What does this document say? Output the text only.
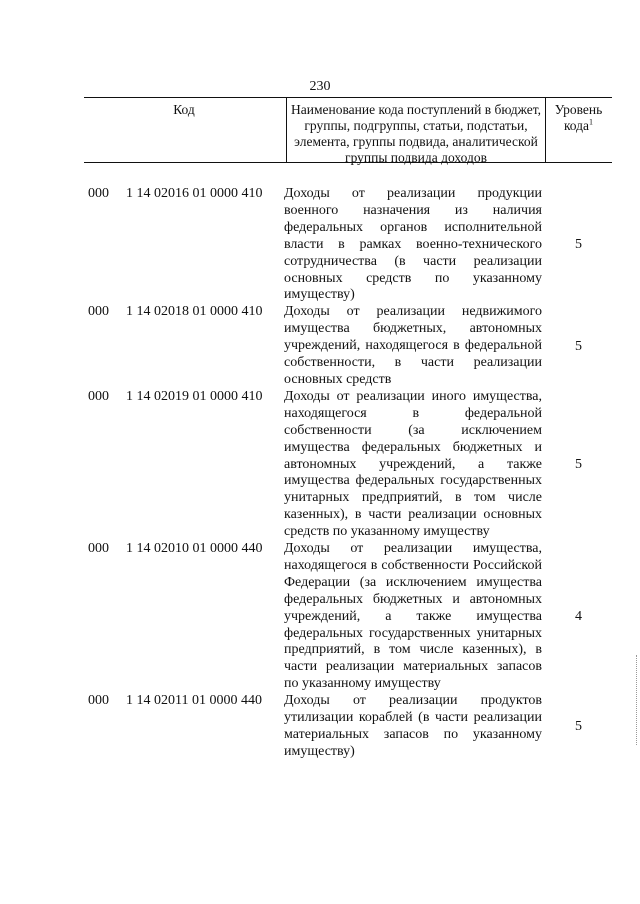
230
Код	Наименование кода поступлений в бюджет, группы, подгруппы, статьи, подстатьи, элемента, группы подвида, аналитической группы подвида доходов
Уровень кода$^1$
000 1 14 02016 01 0000 410 Доходы от реализации продукции военного назначения из наличия федеральных органов исполнительной власти в рамках военно-технического сотрудничества (в части реализации основных средств по указанному имуществу)
5
000 1 14 02018 01 0000 410 Доходы от реализации недвижимого имущества бюджетных, автономных учреждений, находящегося в федеральной собственности, в части реализации основных средств
5
000 1 14 02019 01 0000 410 Доходы от реализации иного имущества, находящегося в федеральной собственности (за исключением имущества федеральных бюджетных и автономных учреждений, а также имущества федеральных государственных унитарных предприятий, в том числе казенных), в части реализации основных средств по указанному имуществу
5
000 1 14 02010 01 0000 440 Доходы от реализации имущества, находящегося в собственности Российской Федерации (за исключением имущества федеральных бюджетных и автономных учреждений, а также имущества федеральных государственных унитарных предприятий, в том числе казенных), в части реализации материальных запасов по указанному имуществу
4
000 1 14 02011 01 0000 440 Доходы от реализации продуктов утилизации кораблей (в части реализации материальных запасов по указанному имуществу)
5
